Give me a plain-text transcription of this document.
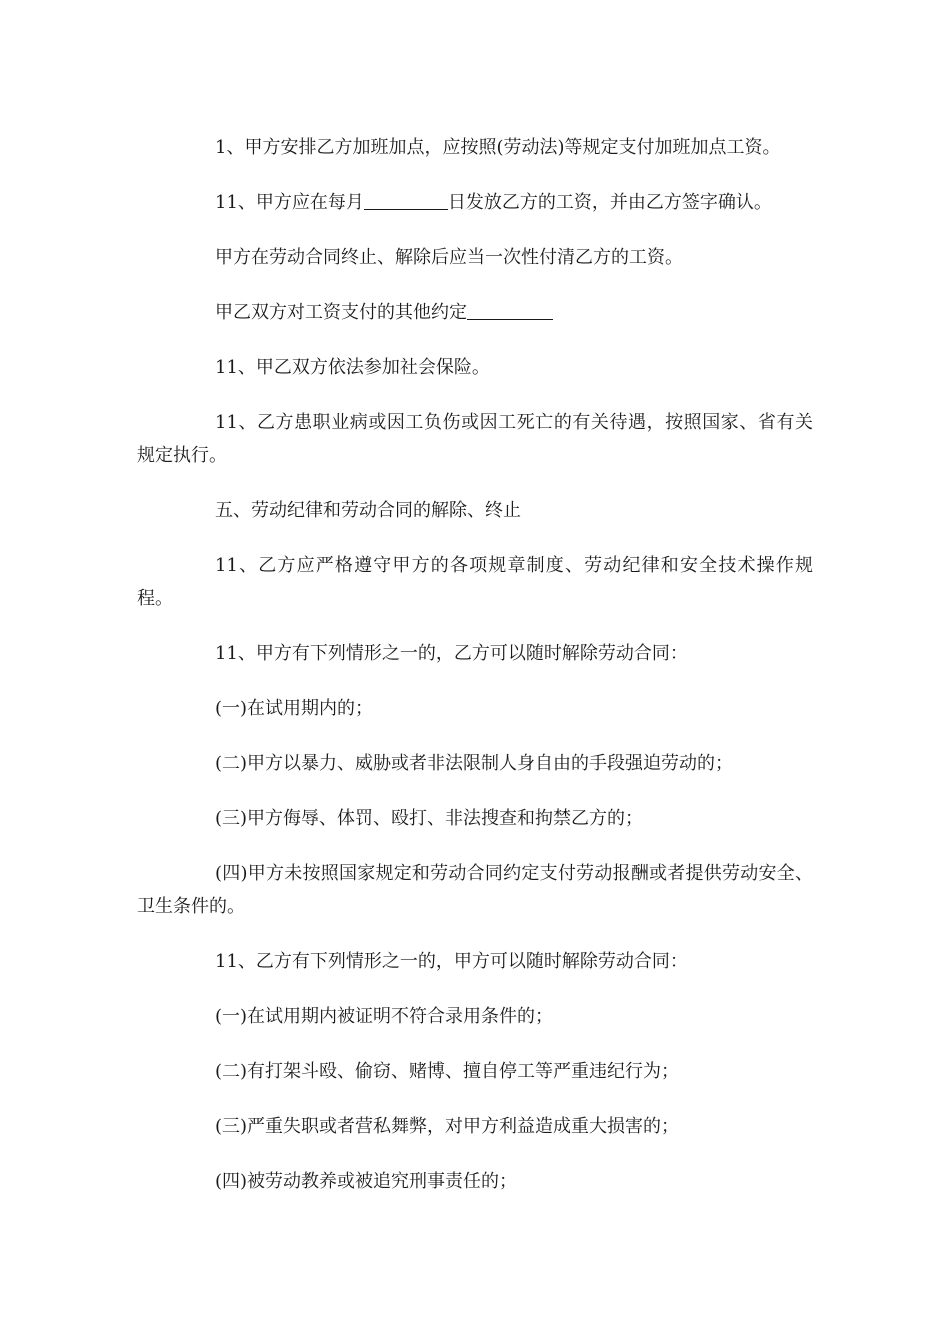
1、甲方安排乙方加班加点，应按照(劳动法)等规定支付加班加点工资。

11、甲方应在每月	日发放乙方的工资，并由乙方签字确认。

甲方在劳动合同终止、解除后应当一次性付清乙方的工资。

甲乙双方对工资支付的其他约定

11、甲乙双方依法参加社会保险。

11、乙方患职业病或因工负伤或因工死亡的有关待遇，按照国家、省有关规定执行。

五、劳动纪律和劳动合同的解除、终止

11、乙方应严格遵守甲方的各项规章制度、劳动纪律和安全技术操作规程。

11、甲方有下列情形之一的，乙方可以随时解除劳动合同：

(一)在试用期内的；

(二)甲方以暴力、威胁或者非法限制人身自由的手段强迫劳动的；

(三)甲方侮辱、体罚、殴打、非法搜查和拘禁乙方的；

(四)甲方未按照国家规定和劳动合同约定支付劳动报酬或者提供劳动安全、卫生条件的。

11、乙方有下列情形之一的，甲方可以随时解除劳动合同：

(一)在试用期内被证明不符合录用条件的；

(二)有打架斗殴、偷窃、赌博、擅自停工等严重违纪行为；

(三)严重失职或者营私舞弊，对甲方利益造成重大损害的；

(四)被劳动教养或被追究刑事责任的；
